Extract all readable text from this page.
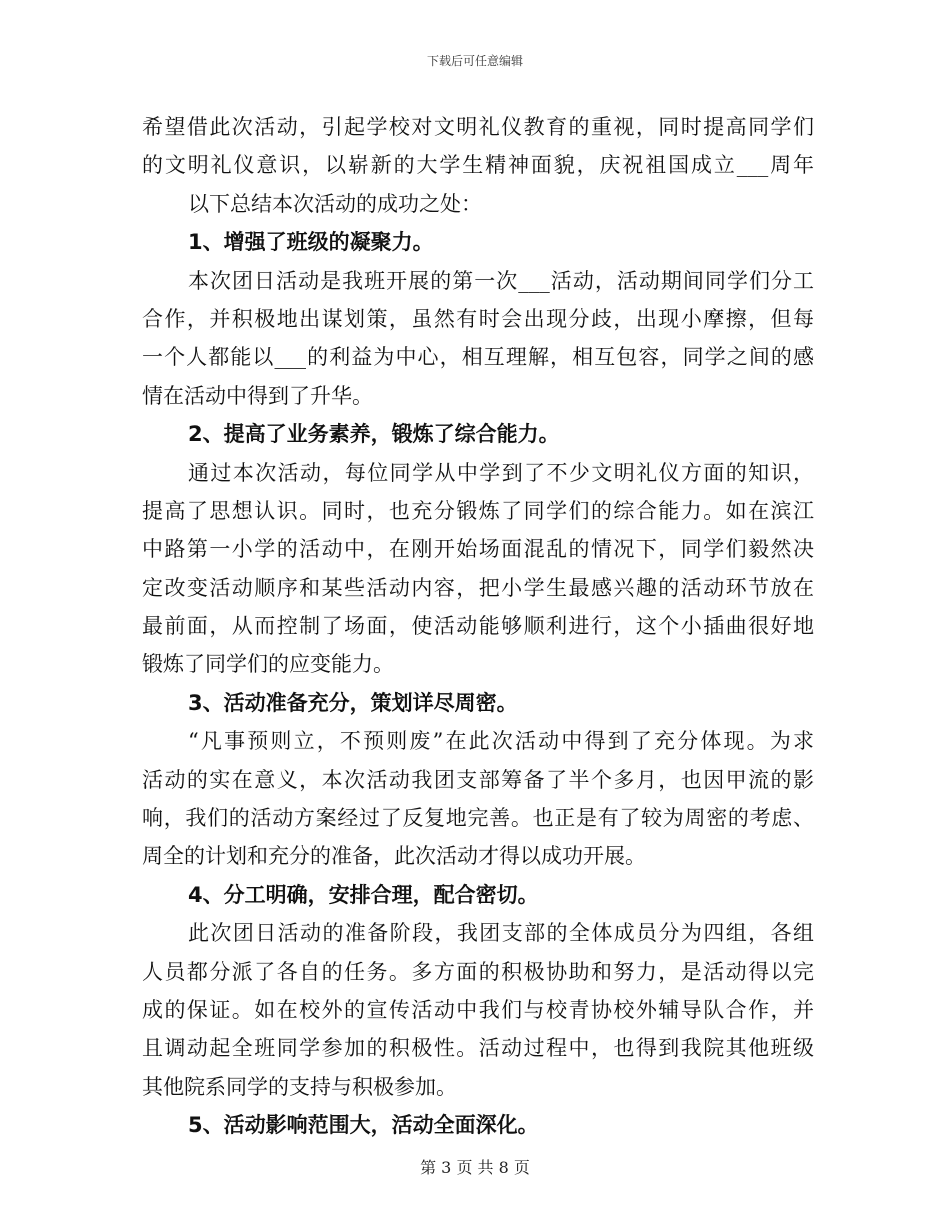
下载后可任意编辑
希望借此次活动，引起学校对文明礼仪教育的重视，同时提高同学们
的文明礼仪意识，以崭新的大学生精神面貌，庆祝祖国成立___周年
以下总结本次活动的成功之处：
1、增强了班级的凝聚力。
本次团日活动是我班开展的第一次___活动，活动期间同学们分工
合作，并积极地出谋划策，虽然有时会出现分歧，出现小摩擦，但每
一个人都能以___的利益为中心，相互理解，相互包容，同学之间的感
情在活动中得到了升华。
2、提高了业务素养，锻炼了综合能力。
通过本次活动，每位同学从中学到了不少文明礼仪方面的知识，
提高了思想认识。同时，也充分锻炼了同学们的综合能力。如在滨江
中路第一小学的活动中，在刚开始场面混乱的情况下，同学们毅然决
定改变活动顺序和某些活动内容，把小学生最感兴趣的活动环节放在
最前面，从而控制了场面，使活动能够顺利进行，这个小插曲很好地
锻炼了同学们的应变能力。
3、活动准备充分，策划详尽周密。
“凡事预则立，不预则废”在此次活动中得到了充分体现。为求
活动的实在意义，本次活动我团支部筹备了半个多月，也因甲流的影
响，我们的活动方案经过了反复地完善。也正是有了较为周密的考虑、
周全的计划和充分的准备，此次活动才得以成功开展。
4、分工明确，安排合理，配合密切。
此次团日活动的准备阶段，我团支部的全体成员分为四组，各组
人员都分派了各自的任务。多方面的积极协助和努力，是活动得以完
成的保证。如在校外的宣传活动中我们与校青协校外辅导队合作，并
且调动起全班同学参加的积极性。活动过程中，也得到我院其他班级
其他院系同学的支持与积极参加。
5、活动影响范围大，活动全面深化。
第 3 页 共 8 页
